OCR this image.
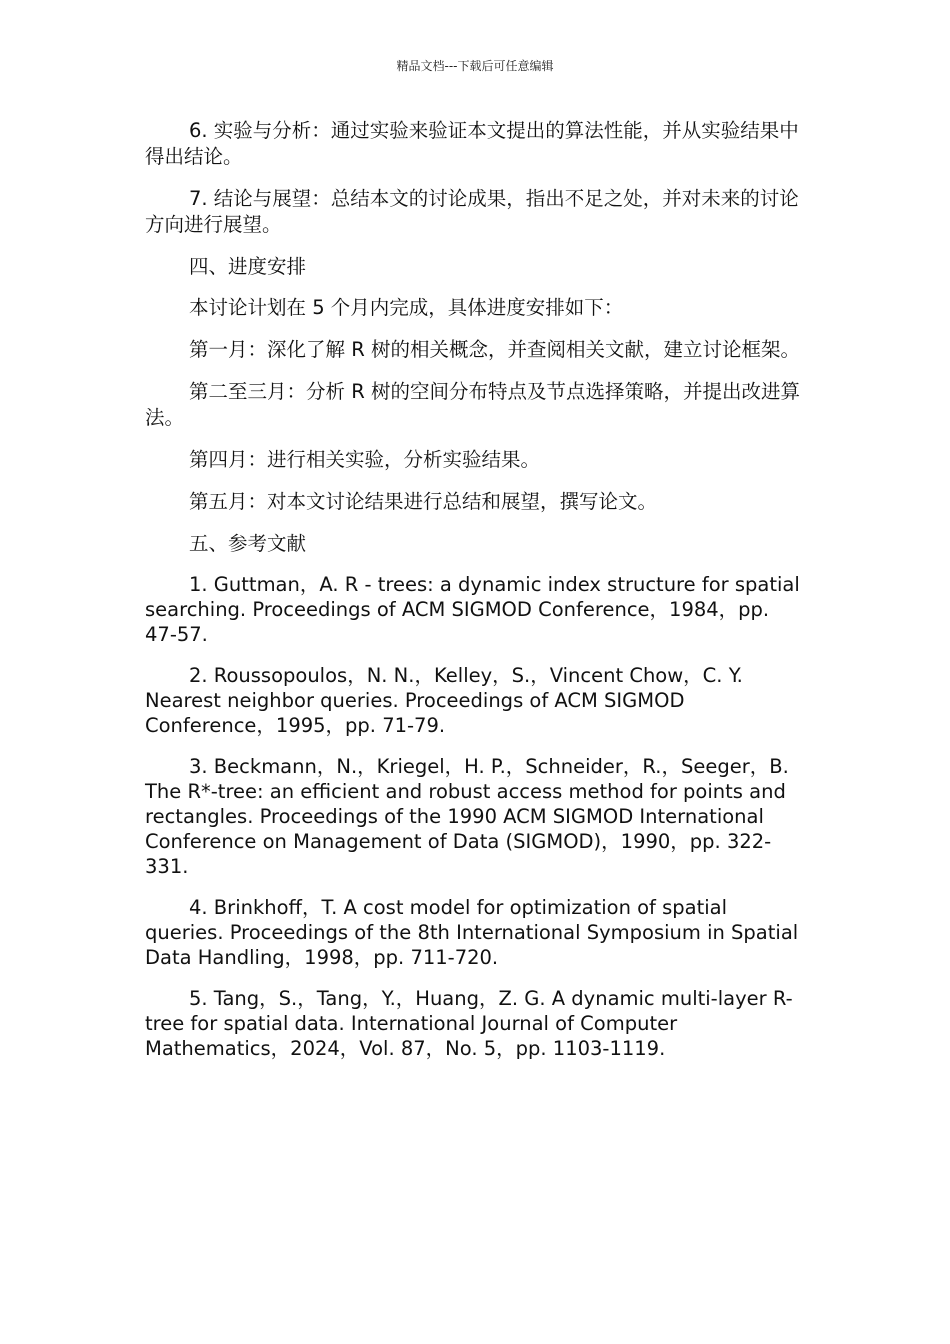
精品文档---下载后可任意编辑

6. 实验与分析：通过实验来验证本文提出的算法性能，并从实验结果中得出结论。

7. 结论与展望：总结本文的讨论成果，指出不足之处，并对未来的讨论方向进行展望。

四、进度安排

本讨论计划在 5 个月内完成，具体进度安排如下：

第一月：深化了解 R 树的相关概念，并查阅相关文献，建立讨论框架。

第二至三月：分析 R 树的空间分布特点及节点选择策略，并提出改进算法。

第四月：进行相关实验，分析实验结果。

第五月：对本文讨论结果进行总结和展望，撰写论文。

五、参考文献

1. Guttman，A. R - trees: a dynamic index structure for spatial searching. Proceedings of ACM SIGMOD Conference，1984，pp. 47-57.

2. Roussopoulos，N. N.，Kelley，S.，Vincent Chow，C. Y. Nearest neighbor queries. Proceedings of ACM SIGMOD Conference，1995，pp. 71-79.

3. Beckmann，N.，Kriegel，H. P.，Schneider，R.，Seeger，B. The R*-tree: an efficient and robust access method for points and rectangles. Proceedings of the 1990 ACM SIGMOD International Conference on Management of Data (SIGMOD)，1990，pp. 322-331.

4. Brinkhoff，T. A cost model for optimization of spatial queries. Proceedings of the 8th International Symposium in Spatial Data Handling，1998，pp. 711-720.

5. Tang，S.，Tang，Y.，Huang，Z. G. A dynamic multi-layer R-tree for spatial data. International Journal of Computer Mathematics，2024，Vol. 87，No. 5，pp. 1103-1119.
